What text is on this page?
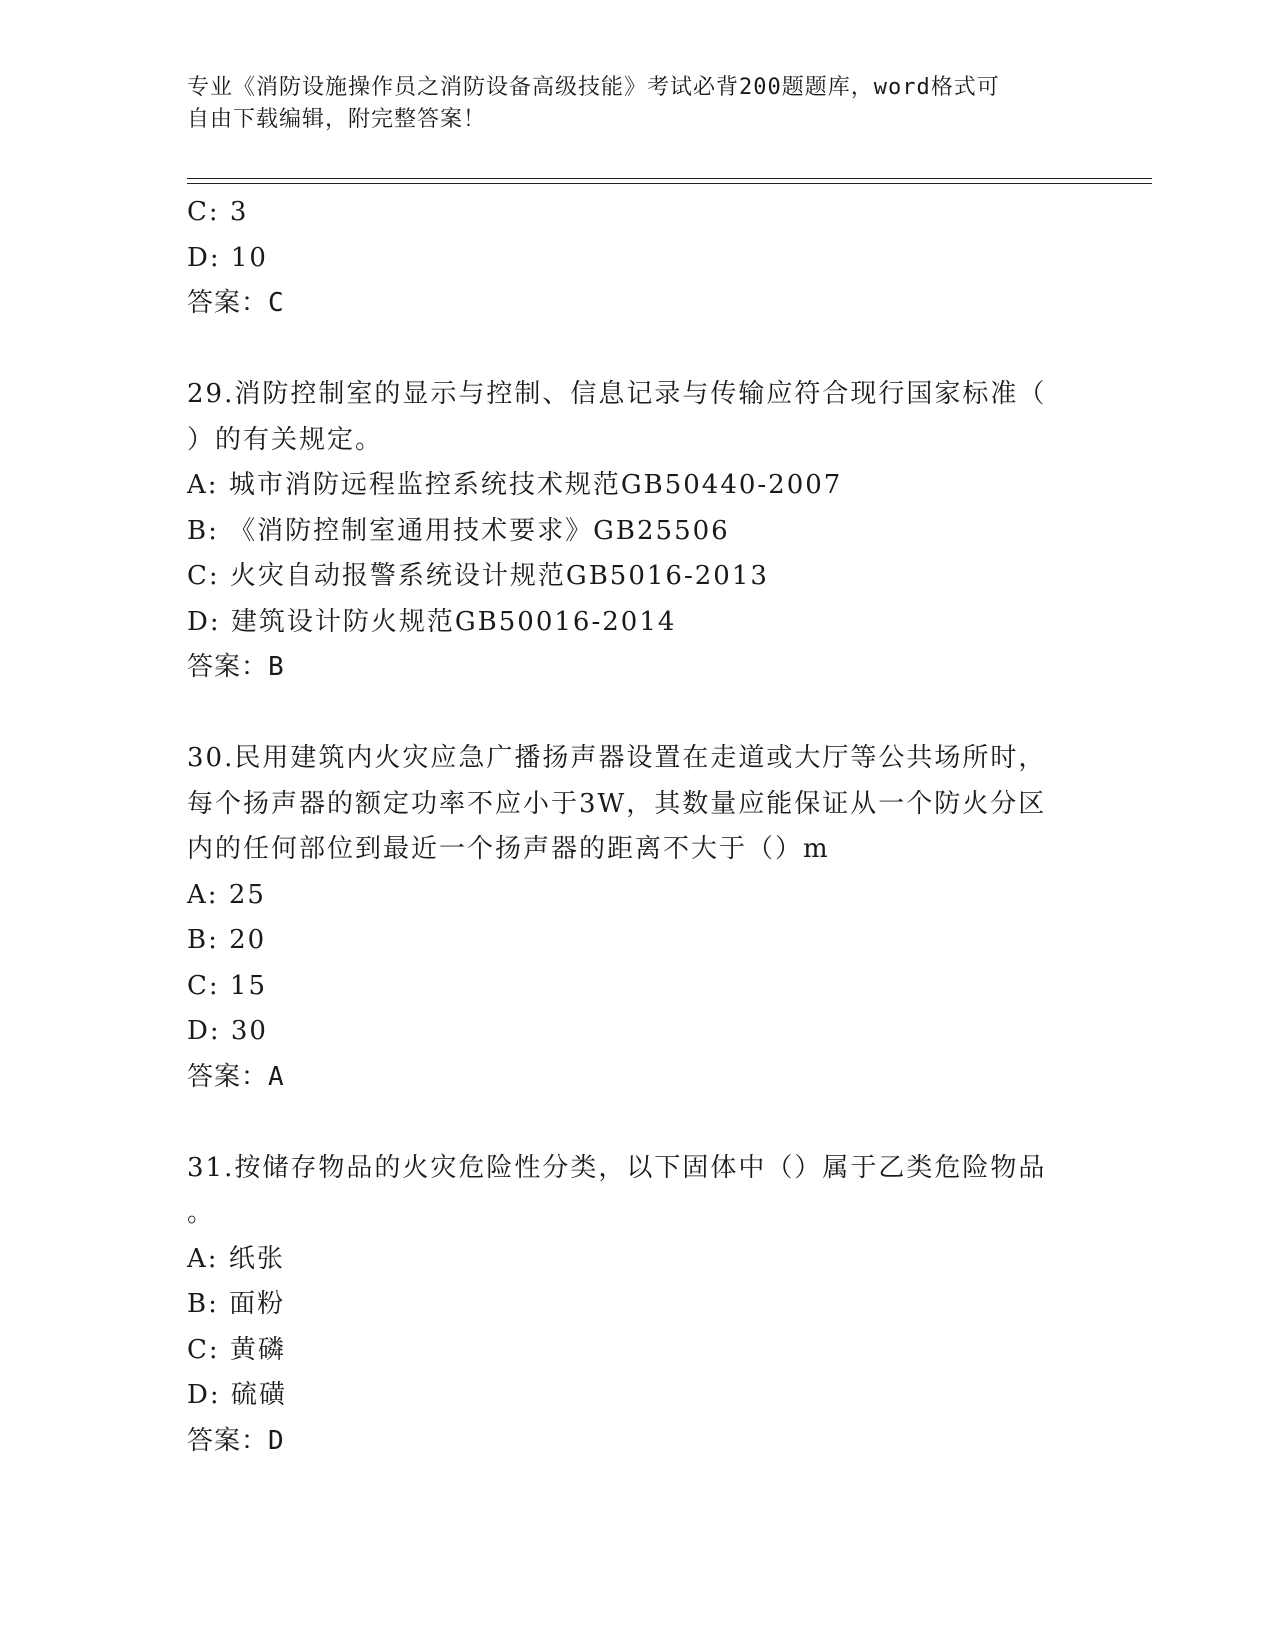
专业《消防设施操作员之消防设备高级技能》考试必背200题题库，word格式可
自由下载编辑，附完整答案！
C: 3
D: 10
答案：C
29.消防控制室的显示与控制、信息记录与传输应符合现行国家标准（
）的有关规定。
A: 城市消防远程监控系统技术规范GB50440-2007
B: 《消防控制室通用技术要求》GB25506
C: 火灾自动报警系统设计规范GB5016-2013
D: 建筑设计防火规范GB50016-2014
答案：B
30.民用建筑内火灾应急广播扬声器设置在走道或大厅等公共场所时，
每个扬声器的额定功率不应小于3W，其数量应能保证从一个防火分区
内的任何部位到最近一个扬声器的距离不大于（）m
A: 25
B: 20
C: 15
D: 30
答案：A
31.按储存物品的火灾危险性分类，以下固体中（）属于乙类危险物品
。
A: 纸张
B: 面粉
C: 黄磷
D: 硫磺
答案：D
